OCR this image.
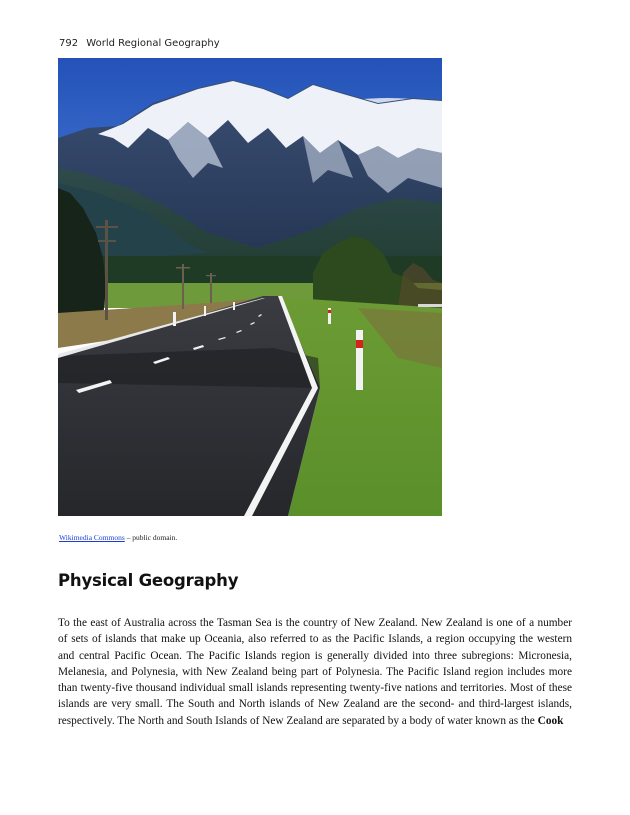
792 World Regional Geography
Wikimedia Commons – public domain.
Physical Geography

To the east of Australia across the Tasman Sea is the country of New Zealand. New Zealand is one of a number of sets of islands that make up Oceania, also referred to as the Pacific Islands, a region occupying the western and central Pacific Ocean. The Pacific Islands region is generally divided into three subregions: Micronesia, Melanesia, and Polynesia, with New Zealand being part of Polynesia. The Pacific Island region includes more than twenty-five thousand individual small islands representing twenty-five nations and territories. Most of these islands are very small. The South and North islands of New Zealand are the second- and third-largest islands, respectively. The North and South Islands of New Zealand are separated by a body of water known as the Cook
